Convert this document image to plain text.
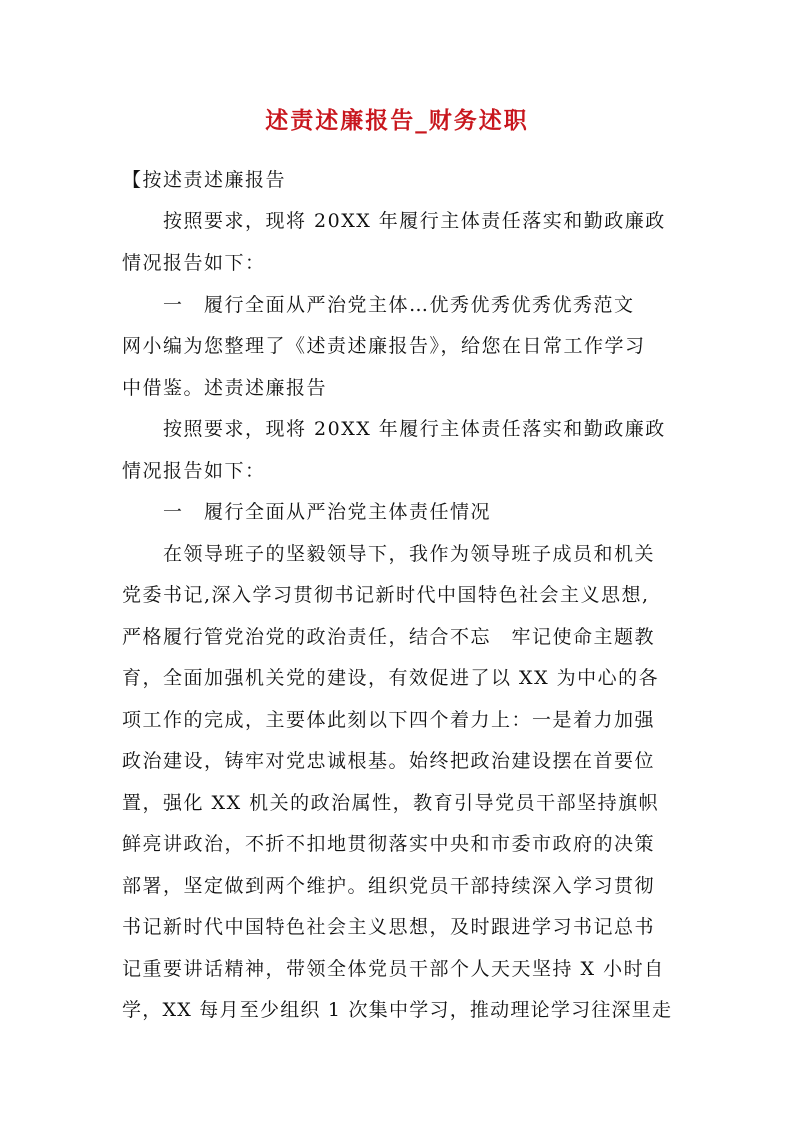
述责述廉报告_财务述职
【按述责述廉报告
按照要求，现将 20XX 年履行主体责任落实和勤政廉政
情况报告如下：
一　履行全面从严治党主体…优秀优秀优秀优秀范文
网小编为您整理了《述责述廉报告》，给您在日常工作学习
中借鉴。述责述廉报告
按照要求，现将 20XX 年履行主体责任落实和勤政廉政
情况报告如下：
一　履行全面从严治党主体责任情况
在领导班子的坚毅领导下，我作为领导班子成员和机关
党委书记,深入学习贯彻书记新时代中国特色社会主义思想,
严格履行管党治党的政治责任，结合不忘　牢记使命主题教
育，全面加强机关党的建设，有效促进了以 XX 为中心的各
项工作的完成，主要体此刻以下四个着力上：一是着力加强
政治建设，铸牢对党忠诚根基。始终把政治建设摆在首要位
置，强化 XX 机关的政治属性，教育引导党员干部坚持旗帜
鲜亮讲政治，不折不扣地贯彻落实中央和市委市政府的决策
部署，坚定做到两个维护。组织党员干部持续深入学习贯彻
书记新时代中国特色社会主义思想，及时跟进学习书记总书
记重要讲话精神，带领全体党员干部个人天天坚持 X 小时自
学，XX 每月至少组织 1 次集中学习，推动理论学习往深里走
